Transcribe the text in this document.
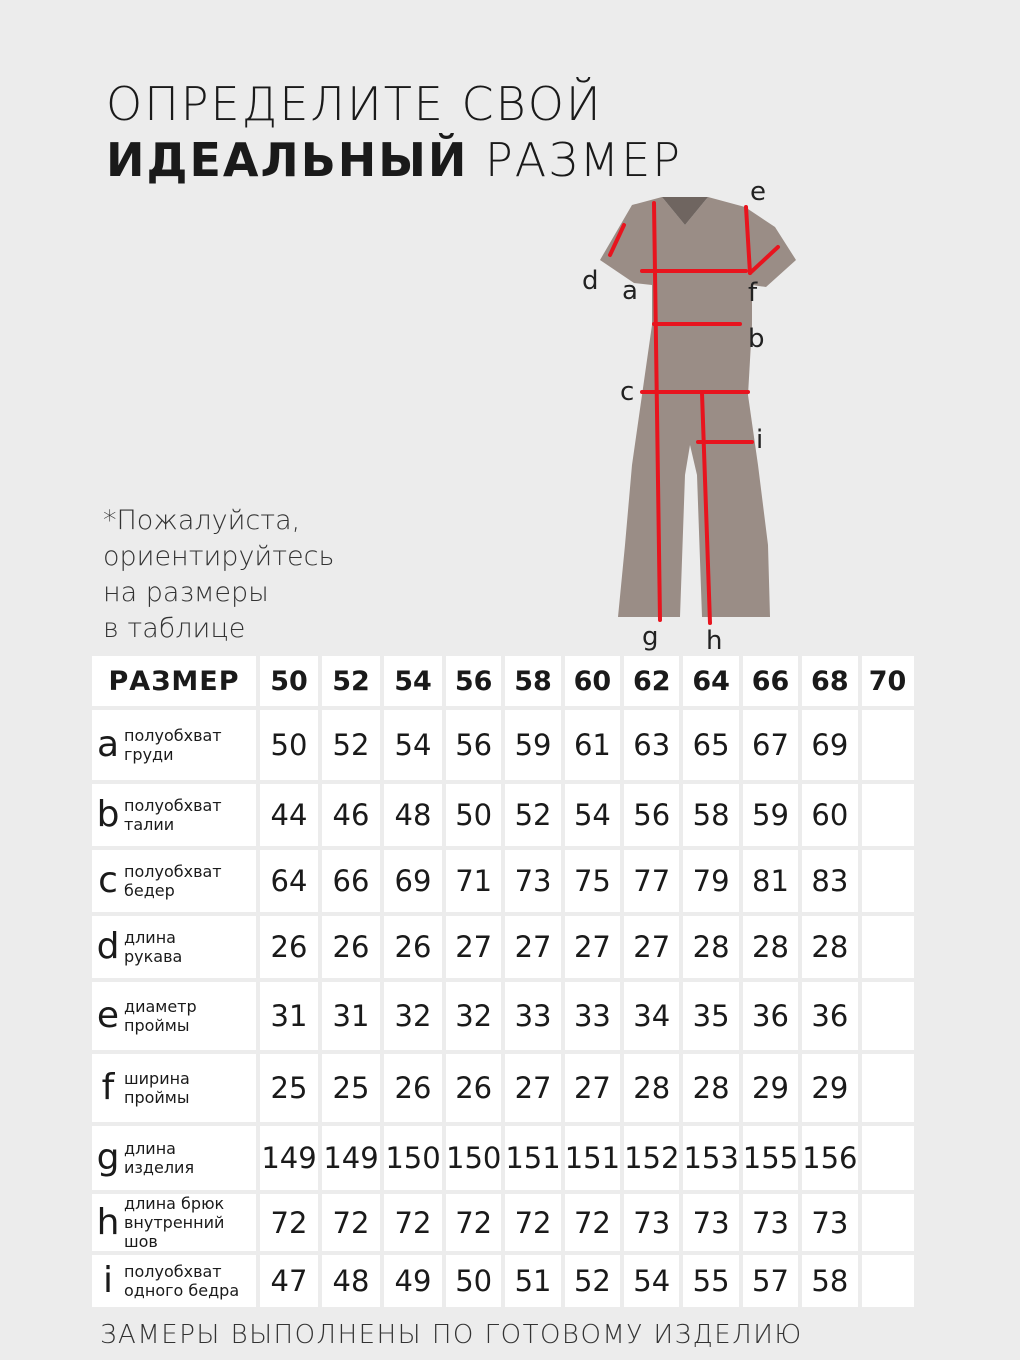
ОПРЕДЕЛИТЕ СВОЙ
ИДЕАЛЬНЫЙ РАЗМЕР
*Пожалуйста,
ориентируйтесь
на размеры
в таблице
a
b
c
d
e
f
g h
i
РАЗМЕР	50	52	54	56	58	60	62	64	66	68	70

a полуобхват
груди	50	52	54	56	59	61	63	65	67	69	

b полуобхват
талии	44	46	48	50	52	54	56	58	59	60	

c полуобхват
бедер	64	66	69	71	73	75	77	79	81	83	

d длина
рукава	26	26	26	27	27	27	27	28	28	28	

e диаметр
проймы	31	31	32	32	33	33	34	35	36	36	

f ширина
проймы	25	25	26	26	27	27	28	28	29	29	

g длина
изделия	149	149	150	150	151	151	152	153	155	156	

h длина брюк
внутренний
шов	72	72	72	72	72	72	73	73	73	73	

i полуобхват
одного бедра	47	48	49	50	51	52	54	55	57	58	
ЗАМЕРЫ ВЫПОЛНЕНЫ ПО ГОТОВОМУ ИЗДЕЛИЮ
